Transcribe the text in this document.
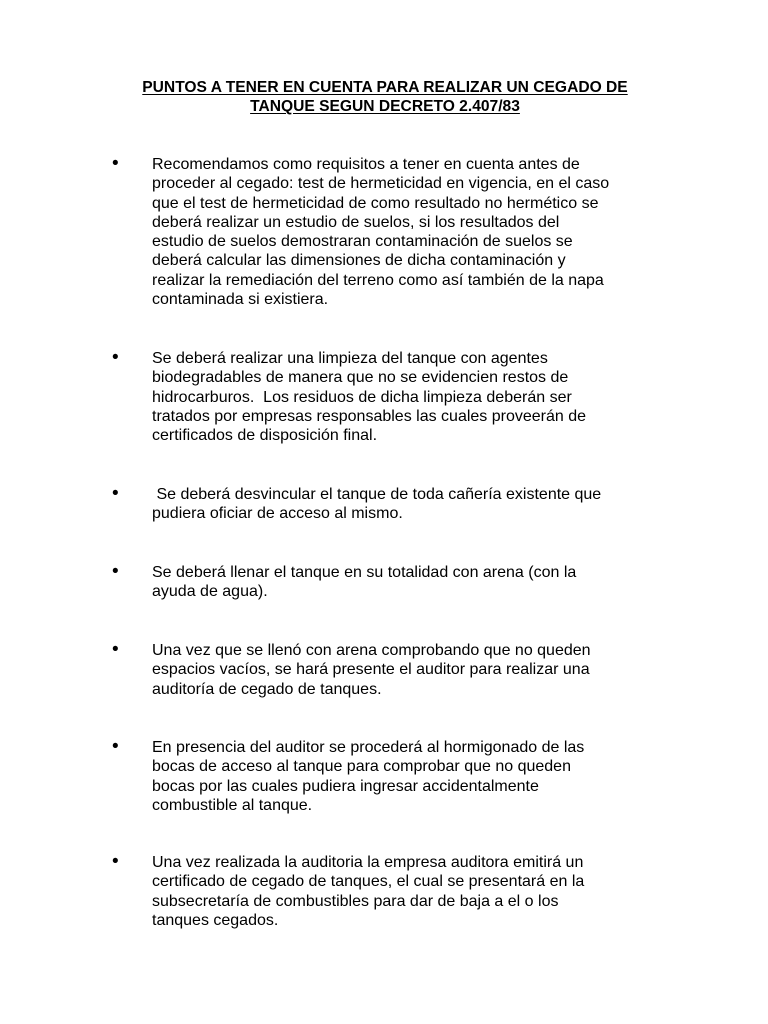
PUNTOS A TENER EN CUENTA PARA REALIZAR UN CEGADO DE
TANQUE SEGUN DECRETO 2.407/83
• Recomendamos como requisitos a tener en cuenta antes de
proceder al cegado: test de hermeticidad en vigencia, en el caso
que el test de hermeticidad de como resultado no hermético se
deberá realizar un estudio de suelos, si los resultados del
estudio de suelos demostraran contaminación de suelos se
deberá calcular las dimensiones de dicha contaminación y
realizar la remediación del terreno como así también de la napa
contaminada si existiera.
• Se deberá realizar una limpieza del tanque con agentes
biodegradables de manera que no se evidencien restos de
hidrocarburos.  Los residuos de dicha limpieza deberán ser
tratados por empresas responsables las cuales proveerán de
certificados de disposición final.
• Se deberá desvincular el tanque de toda cañería existente que
pudiera oficiar de acceso al mismo.
• Se deberá llenar el tanque en su totalidad con arena (con la
ayuda de agua).
• Una vez que se llenó con arena comprobando que no queden
espacios vacíos, se hará presente el auditor para realizar una
auditoría de cegado de tanques.
• En presencia del auditor se procederá al hormigonado de las
bocas de acceso al tanque para comprobar que no queden
bocas por las cuales pudiera ingresar accidentalmente
combustible al tanque.
• Una vez realizada la auditoria la empresa auditora emitirá un
certificado de cegado de tanques, el cual se presentará en la
subsecretaría de combustibles para dar de baja a el o los
tanques cegados.
